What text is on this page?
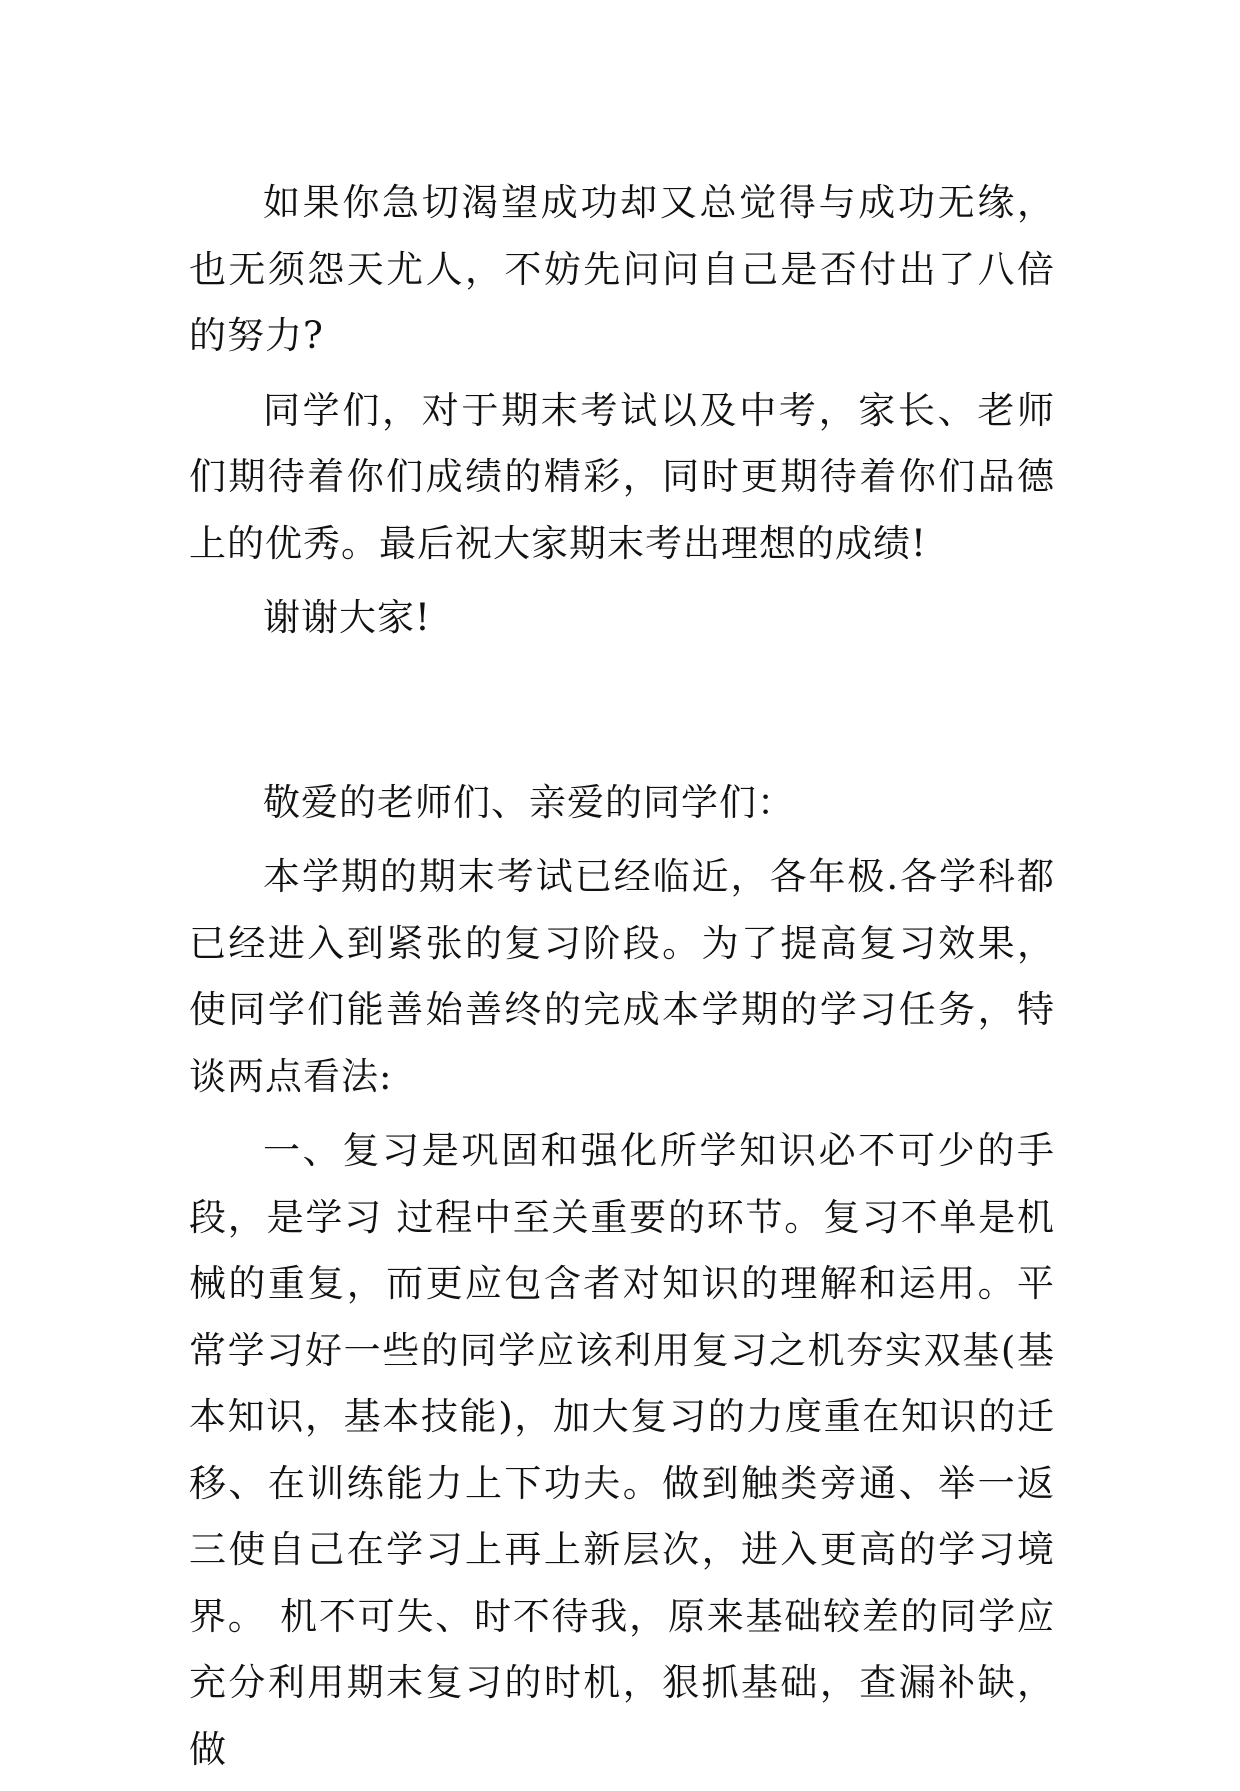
如果你急切渴望成功却又总觉得与成功无缘，也无须怨天尤人，不妨先问问自己是否付出了八倍的努力?

同学们，对于期末考试以及中考，家长、老师们期待着你们成绩的精彩，同时更期待着你们品德上的优秀。最后祝大家期末考出理想的成绩!

谢谢大家!

敬爱的老师们、亲爱的同学们：

本学期的期末考试已经临近，各年极.各学科都已经进入到紧张的复习阶段。为了提高复习效果，使同学们能善始善终的完成本学期的学习任务，特谈两点看法:

一、复习是巩固和强化所学知识必不可少的手段，是学习 过程中至关重要的环节。复习不单是机械的重复，而更应包含者对知识的理解和运用。平常学习好一些的同学应该利用复习之机夯实双基(基本知识，基本技能)，加大复习的力度重在知识的迁移、在训练能力上下功夫。做到触类旁通、举一返三使自己在学习上再上新层次，进入更高的学习境界。 机不可失、时不待我，原来基础较差的同学应充分利用期末复习的时机，狠抓基础，查漏补缺，做
